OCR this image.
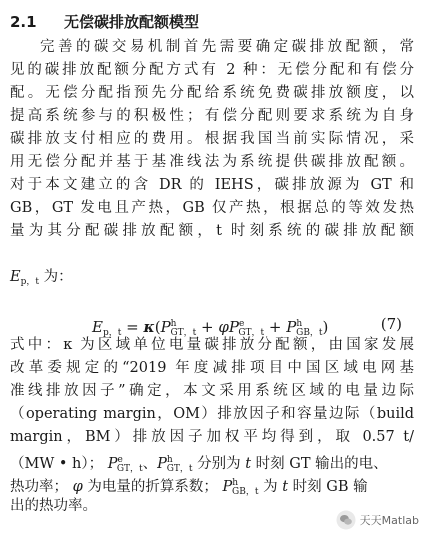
2.1 无偿碳排放配额模型
完善的碳交易机制首先需要确定碳排放配额，常
见的碳排放配额分配方式有 2 种：无偿分配和有偿分
配。无偿分配指预先分配给系统免费碳排放额度，以
提高系统参与的积极性；有偿分配则要求系统为自身
碳排放支付相应的费用。根据我国当前实际情况，采
用无偿分配并基于基准线法为系统提供碳排放配额。
对于本文建立的含 DR 的 IEHS，碳排放源为 GT 和
GB，GT 发电且产热，GB 仅产热，根据总的等效发热
量为其分配碳排放配额，t 时刻系统的碳排放配额
$E_{p,t}$ 为：
$E_{p,t} = \kappa(P^h_{GT,t} + \varphi P^e_{GT,t} + P^h_{GB,t})$	(7)
式中：κ 为区域单位电量碳排放分配额，由国家发展
改革委规定的“2019 年度减排项目中国区域电网基
准线排放因子”确定，本文采用系统区域的电量边际
（operating margin，OM）排放因子和容量边际（build
margin，BM）排放因子加权平均得到，取 0.57 t/
（MW • h）； $P^e_{GT,t}$、$P^h_{GT,t}$ 分别为 t 时刻 GT 输出的电、
热功率； φ 为电量的折算系数； $P^h_{GB,t}$ 为 t 时刻 GB 输
出的热功率。
天天Matlab
